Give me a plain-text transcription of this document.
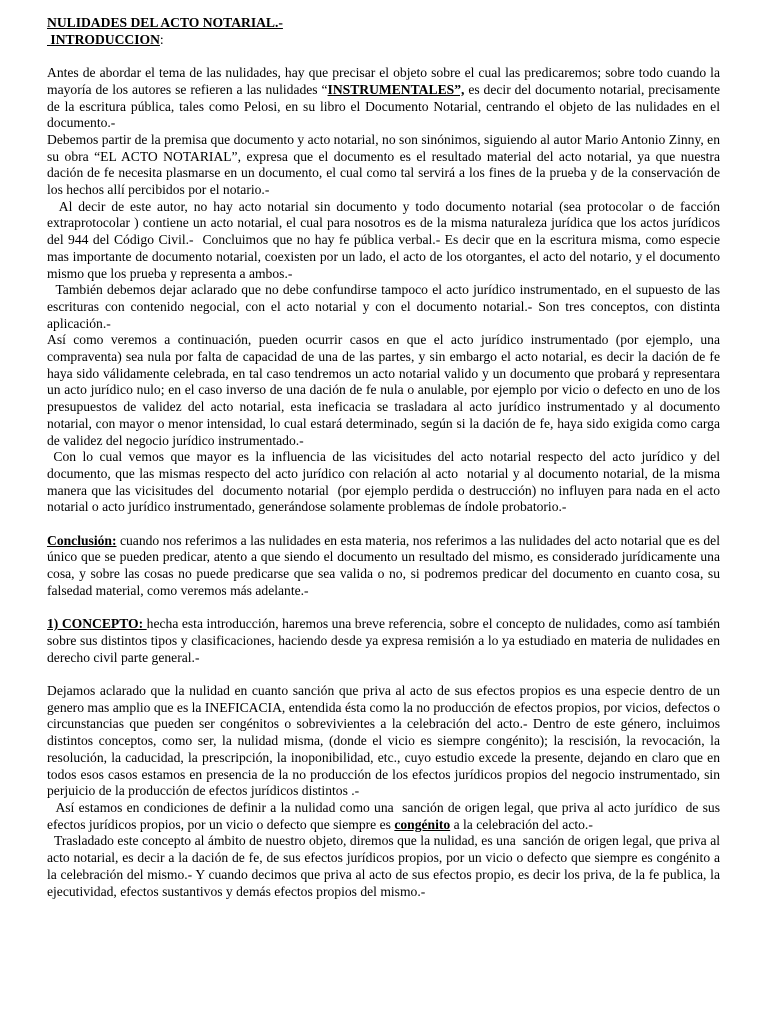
NULIDADES DEL ACTO NOTARIAL.-
INTRODUCCION:

Antes de abordar el tema de las nulidades, hay que precisar el objeto sobre el cual las predicaremos; sobre todo cuando la mayoría de los autores se refieren a las nulidades “INSTRUMENTALES”, es decir del documento notarial, precisamente de la escritura pública, tales como Pelosi, en su libro el Documento Notarial, centrando el objeto de las nulidades en el documento.-

Debemos partir de la premisa que documento y acto notarial, no son sinónimos, siguiendo al autor Mario Antonio Zinny, en su obra “EL ACTO NOTARIAL”, expresa que el documento es el resultado material del acto notarial, ya que nuestra dación de fe necesita plasmarse en un documento, el cual como tal servirá a los fines de la prueba y de la conservación de los hechos allí percibidos por el notario.-

Al decir de este autor, no hay acto notarial sin documento y todo documento notarial (sea protocolar o de facción extraprotocolar ) contiene un acto notarial, el cual para nosotros es de la misma naturaleza jurídica que los actos jurídicos del 944 del Código Civil.-  Concluimos que no hay fe pública verbal.- Es decir que en la escritura misma, como especie mas importante de documento notarial, coexisten por un lado, el acto de los otorgantes, el acto del notario, y el documento mismo que los prueba y representa a ambos.-

También debemos dejar aclarado que no debe confundirse tampoco el acto jurídico instrumentado, en el supuesto de las escrituras con contenido negocial, con el acto notarial y con el documento notarial.- Son tres conceptos, con distinta aplicación.-

Así como veremos a continuación, pueden ocurrir casos en que el acto jurídico instrumentado (por ejemplo, una compraventa) sea nula por falta de capacidad de una de las partes, y sin embargo el acto notarial, es decir la dación de fe haya sido válidamente celebrada, en tal caso tendremos un acto notarial valido y un documento que probará y representara un acto jurídico nulo; en el caso inverso de una dación de fe nula o anulable, por ejemplo por vicio o defecto en uno de los presupuestos de validez del acto notarial, esta ineficacia se trasladara al acto jurídico instrumentado y al documento notarial, con mayor o menor intensidad, lo cual estará determinado, según si la dación de fe, haya sido exigida como carga de validez del negocio jurídico instrumentado.-

Con lo cual vemos que mayor es la influencia de las vicisitudes del acto notarial respecto del acto jurídico y del documento, que las mismas respecto del acto jurídico con relación al acto  notarial y al documento notarial, de la misma manera que las vicisitudes del  documento notarial  (por ejemplo perdida o destrucción) no influyen para nada en el acto notarial o acto jurídico instrumentado, generándose solamente problemas de índole probatorio.-

Conclusión: cuando nos referimos a las nulidades en esta materia, nos referimos a las nulidades del acto notarial que es del único que se pueden predicar, atento a que siendo el documento un resultado del mismo, es considerado jurídicamente una cosa, y sobre las cosas no puede predicarse que sea valida o no, si podremos predicar del documento en cuanto cosa, su falsedad material, como veremos más adelante.-

1) CONCEPTO: hecha esta introducción, haremos una breve referencia, sobre el concepto de nulidades, como así también sobre sus distintos tipos y clasificaciones, haciendo desde ya expresa remisión a lo ya estudiado en materia de nulidades en derecho civil parte general.-

Dejamos aclarado que la nulidad en cuanto sanción que priva al acto de sus efectos propios es una especie dentro de un genero mas amplio que es la INEFICACIA, entendida ésta como la no producción de efectos propios, por vicios, defectos o circunstancias que pueden ser congénitos o sobrevivientes a la celebración del acto.- Dentro de este género, incluimos distintos conceptos, como ser, la nulidad misma, (donde el vicio es siempre congénito); la rescisión, la revocación, la resolución, la caducidad, la prescripción, la inoponibilidad, etc., cuyo estudio excede la presente, dejando en claro que en todos esos casos estamos en presencia de la no producción de los efectos jurídicos propios del negocio instrumentado, sin perjuicio de la producción de efectos jurídicos distintos .-

Así estamos en condiciones de definir a la nulidad como una  sanción de origen legal, que priva al acto jurídico  de sus efectos jurídicos propios, por un vicio o defecto que siempre es congénito a la celebración del acto.-

Trasladado este concepto al ámbito de nuestro objeto, diremos que la nulidad, es una  sanción de origen legal, que priva al acto notarial, es decir a la dación de fe, de sus efectos jurídicos propios, por un vicio o defecto que siempre es congénito a la celebración del mismo.- Y cuando decimos que priva al acto de sus efectos propio, es decir los priva, de la fe publica, la ejecutividad, efectos sustantivos y demás efectos propios del mismo.-
